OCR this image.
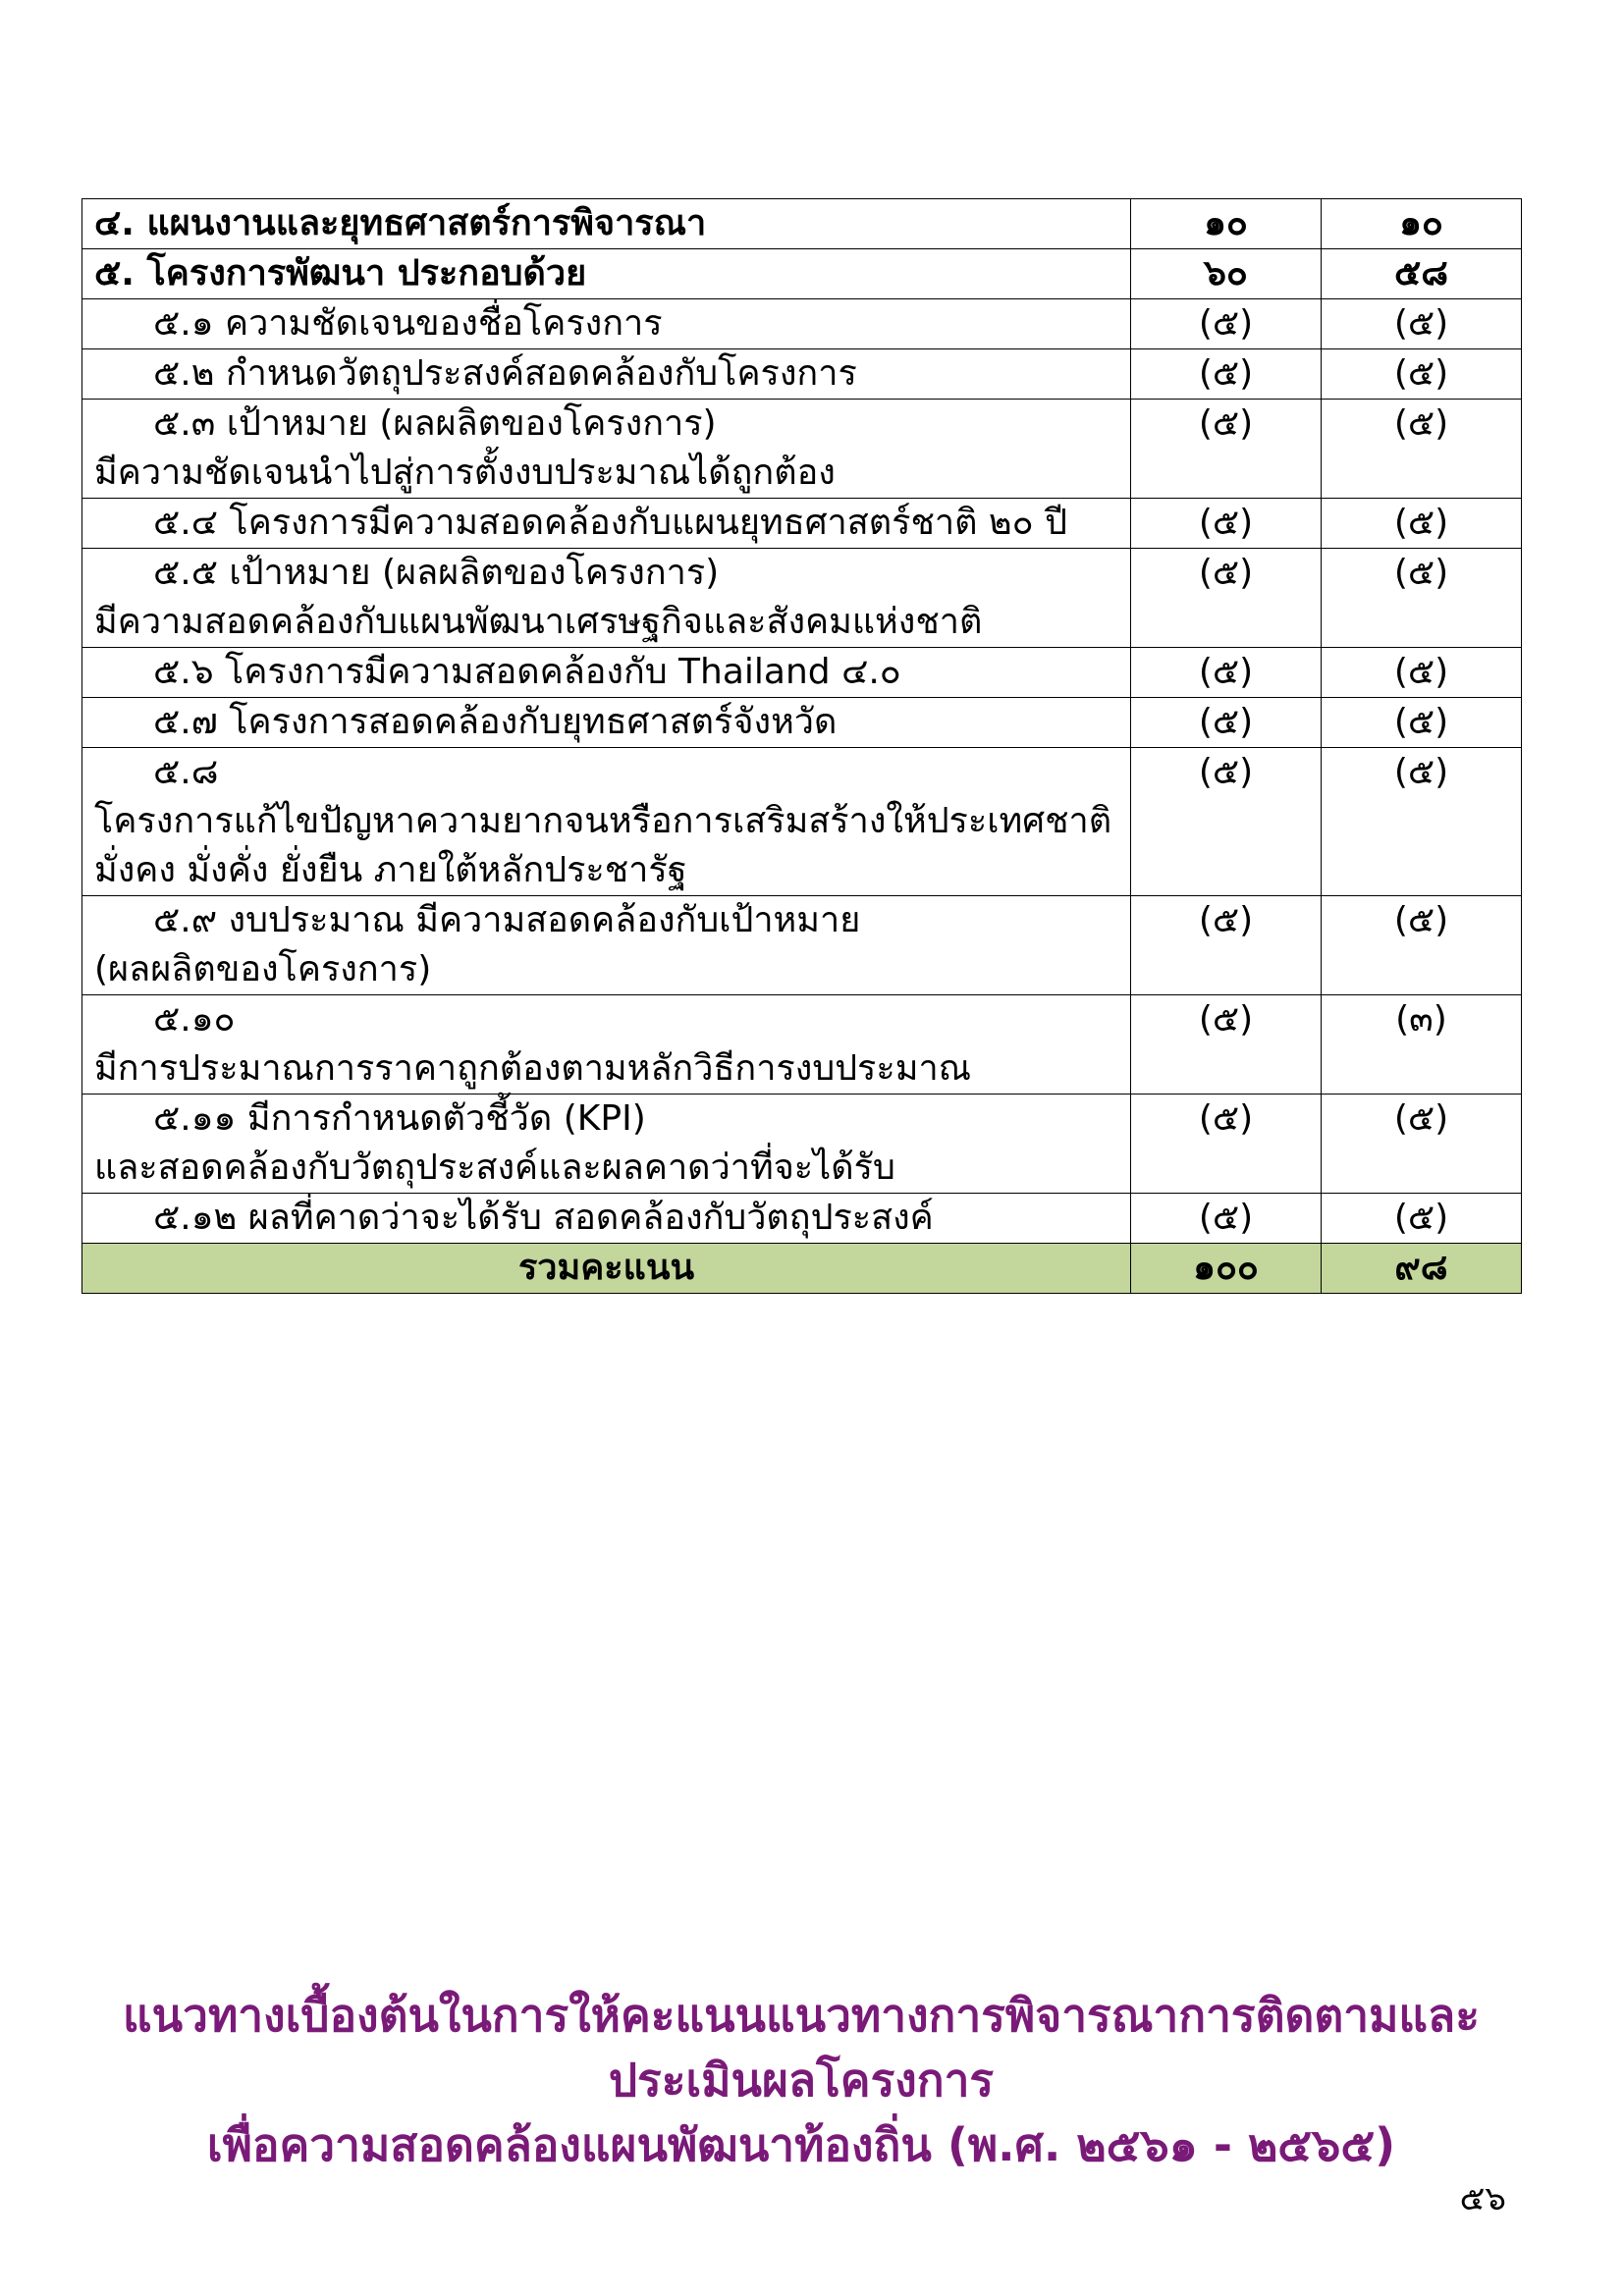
๔. แผนงานและยุทธศาสตร์การพิจารณา	๑๐	๑๐
๕. โครงการพัฒนา ประกอบด้วย	๖๐	๕๘
๕.๑ ความชัดเจนของชื่อโครงการ	(๕)	(๕)
๕.๒ กำหนดวัตถุประสงค์สอดคล้องกับโครงการ	(๕)	(๕)
๕.๓ เป้าหมาย (ผลผลิตของโครงการ)
มีความชัดเจนนำไปสู่การตั้งงบประมาณได้ถูกต้อง	(๕)	(๕)
๕.๔ โครงการมีความสอดคล้องกับแผนยุทธศาสตร์ชาติ ๒๐ ปี	(๕)	(๕)
๕.๕ เป้าหมาย (ผลผลิตของโครงการ)
มีความสอดคล้องกับแผนพัฒนาเศรษฐกิจและสังคมแห่งชาติ	(๕)	(๕)
๕.๖ โครงการมีความสอดคล้องกับ Thailand ๔.๐	(๕)	(๕)
๕.๗ โครงการสอดคล้องกับยุทธศาสตร์จังหวัด	(๕)	(๕)
๕.๘
โครงการแก้ไขปัญหาความยากจนหรือการเสริมสร้างให้ประเทศชาติมั่งคง มั่งคั่ง ยั่งยืน ภายใต้หลักประชารัฐ	(๕)	(๕)
๕.๙ งบประมาณ มีความสอดคล้องกับเป้าหมาย
(ผลผลิตของโครงการ)	(๕)	(๕)
๕.๑๐
มีการประมาณการราคาถูกต้องตามหลักวิธีการงบประมาณ	(๕)	(๓)
๕.๑๑ มีการกำหนดตัวชี้วัด (KPI)
และสอดคล้องกับวัตถุประสงค์และผลคาดว่าที่จะได้รับ	(๕)	(๕)
๕.๑๒ ผลที่คาดว่าจะได้รับ สอดคล้องกับวัตถุประสงค์	(๕)	(๕)
รวมคะแนน	๑๐๐	๙๘
แนวทางเบื้องต้นในการให้คะแนนแนวทางการพิจารณาการติดตามและประเมินผลโครงการ
เพื่อความสอดคล้องแผนพัฒนาท้องถิ่น (พ.ศ. ๒๕๖๑ - ๒๕๖๕)
๕๖
